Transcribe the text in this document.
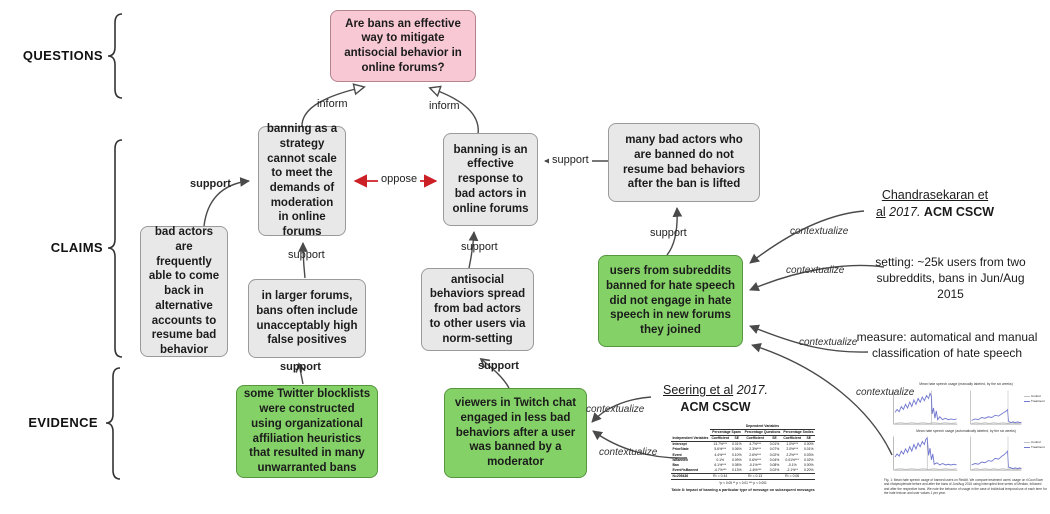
QUESTIONS
CLAIMS
EVIDENCE
Are bans an effective way to mitigate antisocial behavior in online forums?
banning as a strategy cannot scale to meet the demands of moderation in online forums
banning is an effective response to bad actors in online forums
many bad actors who are banned do not resume bad behaviors after the ban is lifted
bad actors are frequently able to come back in alternative accounts to resume bad behavior
in larger forums, bans often include unacceptably high false positives
antisocial behaviors spread from bad actors to other users via norm-setting
users from subreddits banned for hate speech did not engage in hate speech in new forums they joined
some Twitter blocklists were constructed using organizational affiliation heuristics that resulted in many unwarranted bans
viewers in Twitch chat engaged in less bad behaviors after a user was banned by a moderator
inform	inform
support
support
support
support
support
support	support
oppose
contextualize
contextualize
contextualize
contextualize
contextualize
contextualize
Chandrasekaran et
al 2017. ACM CSCW
setting: ~25k users from two subreddits, bans in Jun/Aug 2015
measure: automatical and manual classification of hate speech
Seering et al 2017.
ACM CSCW
	Dependent Variables					
	Percentage Spam		Percentage Questions		Percentage Smiles	
Independent Variables	Coefficient	SE	Coefficient	SE	Coefficient	SE
Intercept	13.7%***	0.01%	4.7%***	0.01%	1.0%***	0.00%
PriorState	5.6%***	0.06%	2.3%***	0.07%	2.0%***	0.01%
Event	4.4%***	0.10%	2.6%***	0.02%	2.2%***	0.03%
isBanned	0.1%	0.09%	0.6%***	0.04%	0.01%***	0.02%
Ban	6.1%***	0.08%	-0.1%***	0.08%	-0.1%	0.00%
Event*isBanned	-4.7%***	0.13%	-1.6%***	0.02%	-2.1%**	0.20%
N=205436	R² = 0.44		R² = 0.13		R² = 0.06	
*p < 0.05 ** p < 0.01 *** p < 0.001
Table 8: Impact of banning a particular type of message on subsequent messages
Mean hate speech usage (manually labeled, by the six weeks)
Control
Treatment
Mean hate speech usage (automatically labeled, by the six weeks)
Control
Treatment
Fig. 1: Mean hate speech usage of banned users on Reddit. We compare treatment users' usage on r/CoonTown and r/fatpeoplehate before and after the bans of Jun/Aug 2015 using interrupted time series of Median, followed and after the respective bans. We note the behavior of usage in the case of individual temporal use of each term for the hate lexicon and user values 1 per year.
